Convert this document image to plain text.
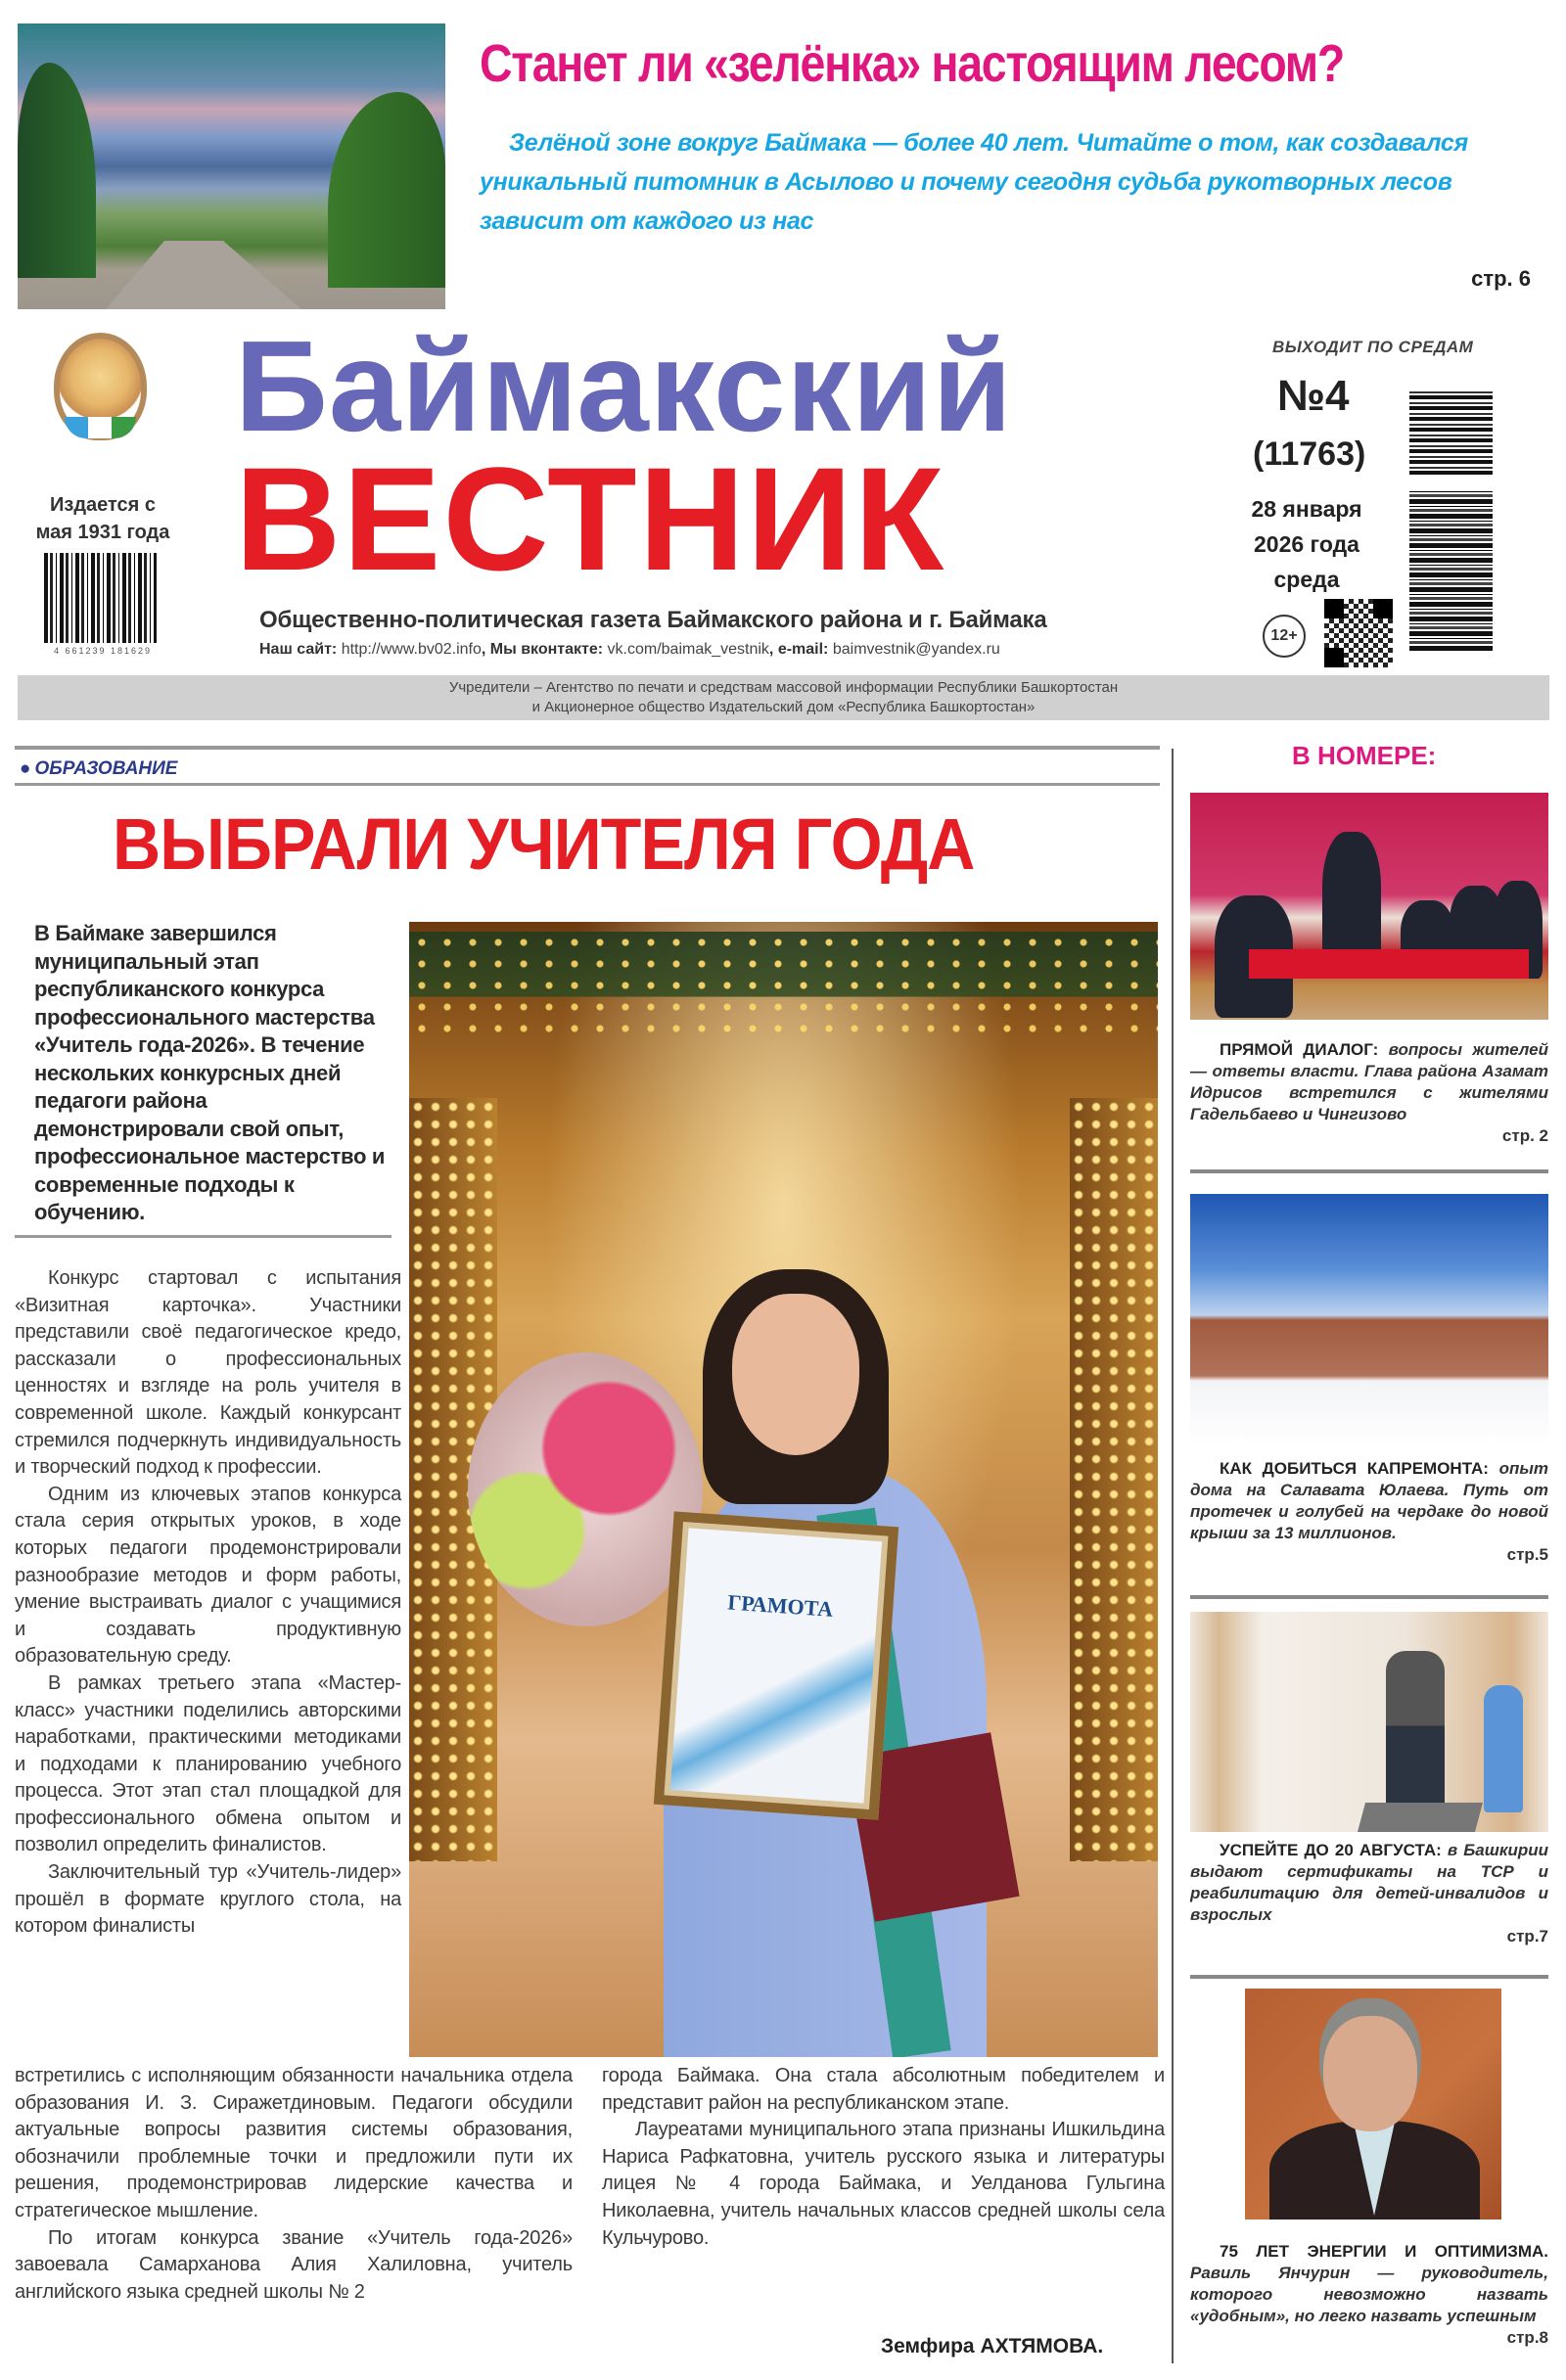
Станет ли «зелёнка» настоящим лесом?
Зелёной зоне вокруг Баймака — более 40 лет. Читайте о том, как создавался уникальный питомник в Асылово и почему сегодня судьба рукотворных лесов зависит от каждого из нас
стр. 6
Издается с мая 1931 года
4 661239 181629
Баймакский
ВЕСТНИК
Общественно-политическая газета Баймакского района и г. Баймака
Наш сайт: http://www.bv02.info, Мы вконтакте: vk.com/baimak_vestnik, e-mail: baimvestnik@yandex.ru
ВЫХОДИТ ПО СРЕДАМ
№4
(11763)
28 января
2026 года
среда
12+
Учредители – Агентство по печати и средствам массовой информации Республики Башкортостан
и Акционерное общество Издательский дом «Республика Башкортостан»
● ОБРАЗОВАНИЕ
ВЫБРАЛИ УЧИТЕЛЯ ГОДА
В Баймаке завершился муниципальный этап республиканского конкурса профессионального мастерства «Учитель года-2026». В течение нескольких конкурсных дней педагоги района демонстрировали свой опыт, профессиональное мастерство и современные подходы к обучению.
ГРАМОТА

Конкурс стартовал с испытания «Визитная карточка». Участники представили своё педагогическое кредо, рассказали о профессиональных ценностях и взгляде на роль учителя в современной школе. Каждый конкурсант стремился подчеркнуть индивидуальность и творческий подход к профессии.

Одним из ключевых этапов конкурса стала серия открытых уроков, в ходе которых педагоги продемонстрировали разнообразие методов и форм работы, умение выстраивать диалог с учащимися и создавать продуктивную образовательную среду.

В рамках третьего этапа «Мастер-класс» участники поделились авторскими наработками, практическими методиками и подходами к планированию учебного процесса. Этот этап стал площадкой для профессионального обмена опытом и позволил определить финалистов.

Заключительный тур «Учитель-лидер» прошёл в формате круглого стола, на котором финалисты

встретились с исполняющим обязанности начальника отдела образования И. З. Сиражетдиновым. Педагоги обсудили актуальные вопросы развития системы образования, обозначили проблемные точки и предложили пути их решения, продемонстрировав лидерские качества и стратегическое мышление.

По итогам конкурса звание «Учитель года-2026» завоевала Самарханова Алия Халиловна, учитель английского языка средней школы № 2

города Баймака. Она стала абсолютным победителем и представит район на республиканском этапе.

Лауреатами муниципального этапа признаны Ишкильдина Нариса Рафкатовна, учитель русского языка и литературы лицея № 4 города Баймака, и Уелданова Гульгина Николаевна, учитель начальных классов средней школы села Кульчурово.

Земфира АХТЯМОВА.
В НОМЕРЕ:

ПРЯМОЙ ДИАЛОГ: вопросы жителей — ответы власти. Глава района Азамат Идрисов встретился с жителями Гадельбаево и Чингизово

стр. 2

КАК ДОБИТЬСЯ КАПРЕМОНТА: опыт дома на Салавата Юлаева. Путь от протечек и голубей на чердаке до новой крыши за 13 миллионов.

стр.5

УСПЕЙТЕ ДО 20 АВГУСТА: в Башкирии выдают сертификаты на ТСР и реабилитацию для детей-инвалидов и взрослых

стр.7

75 ЛЕТ ЭНЕРГИИ И ОПТИМИЗМА. Равиль Янчурин — руководитель, которого невозможно назвать «удобным», но легко назвать успешным

стр.8
